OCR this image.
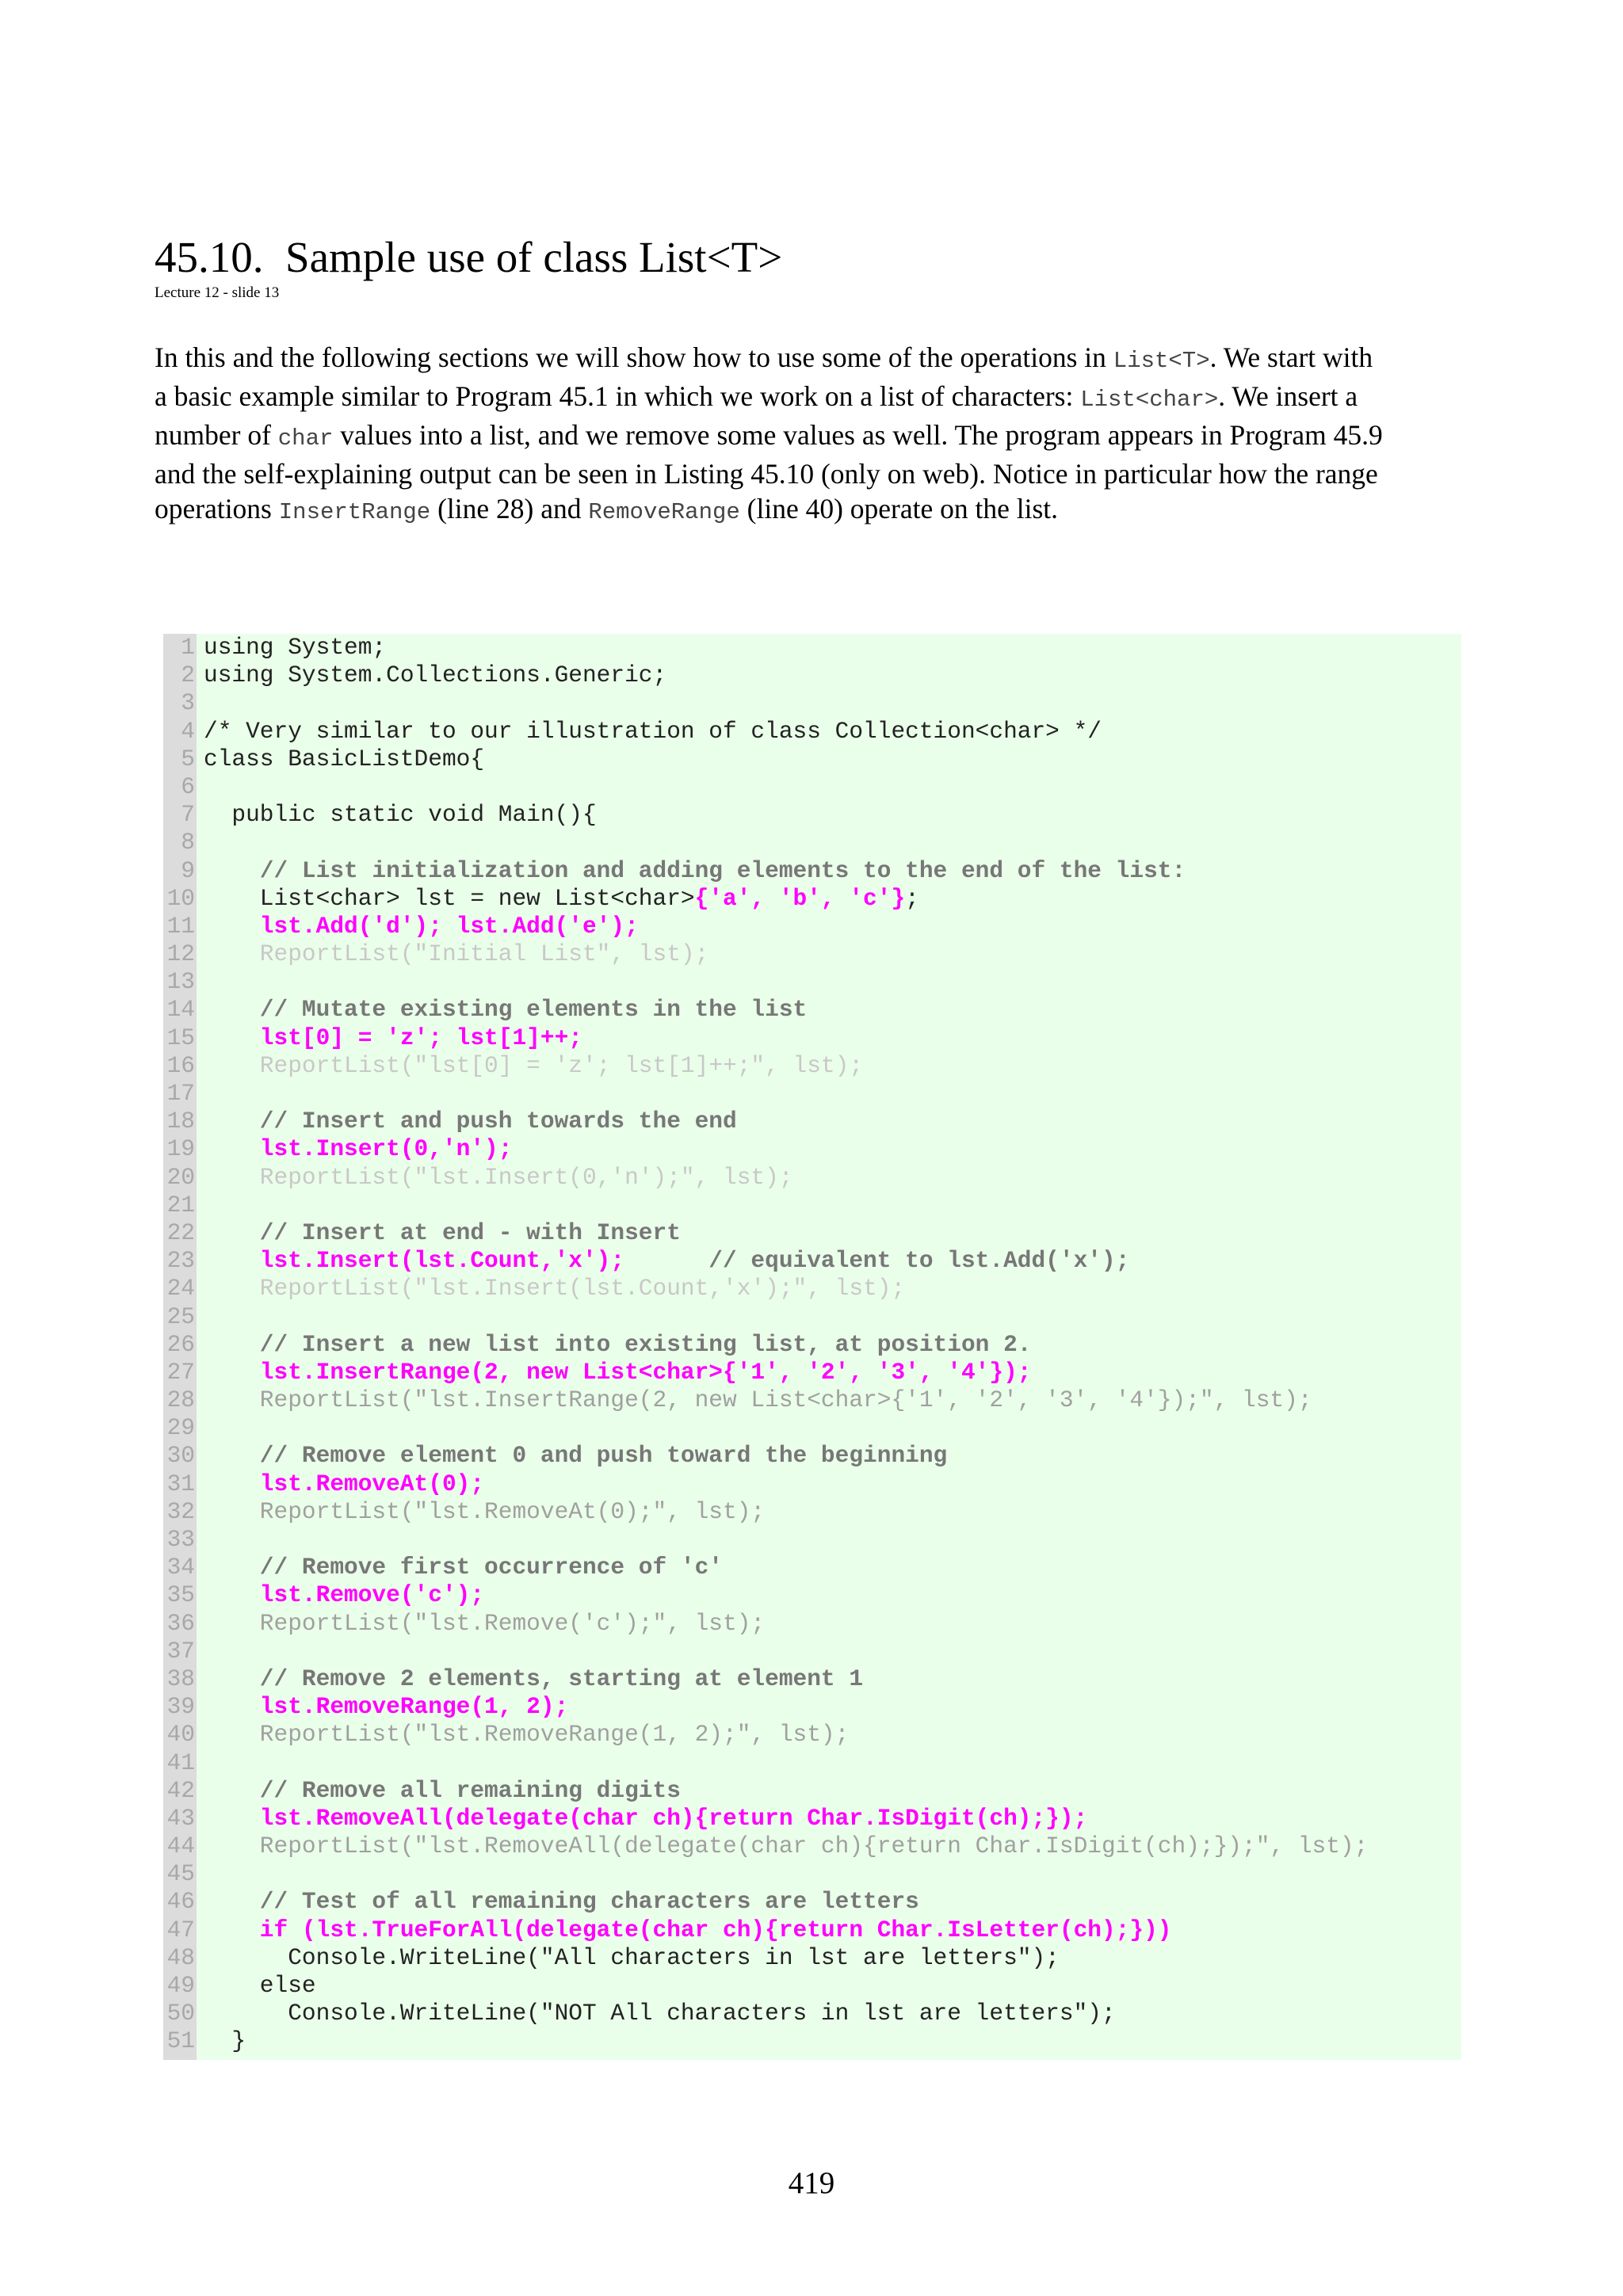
45.10. Sample use of class List<T>
Lecture 12 - slide 13
In this and the following sections we will show how to use some of the operations in List<T>. We start with
a basic example similar to Program 45.1 in which we work on a list of characters: List<char>. We insert a
number of char values into a list, and we remove some values as well. The program appears in Program 45.9
and the self-explaining output can be seen in Listing 45.10 (only on web). Notice in particular how the range
operations InsertRange (line 28) and RemoveRange (line 40) operate on the list.
1 using System;
2 using System.Collections.Generic;
3
4 /* Very similar to our illustration of class Collection<char> */
5 class BasicListDemo{
6
7 public static void Main(){
8
9 // List initialization and adding elements to the end of the list:
10 List<char> lst = new List<char>{'a', 'b', 'c'};
11 lst.Add('d'); lst.Add('e');
12 ReportList("Initial List", lst);
13
14 // Mutate existing elements in the list
15 lst[0] = 'z'; lst[1]++;
16 ReportList("lst[0] = 'z'; lst[1]++;", lst);
17
18 // Insert and push towards the end
19 lst.Insert(0,'n');
20 ReportList("lst.Insert(0,'n');", lst);
21
22 // Insert at end - with Insert
23 lst.Insert(lst.Count,'x');      // equivalent to lst.Add('x');
24 ReportList("lst.Insert(lst.Count,'x');", lst);
25
26 // Insert a new list into existing list, at position 2.
27 lst.InsertRange(2, new List<char>{'1', '2', '3', '4'});
28 ReportList("lst.InsertRange(2, new List<char>{'1', '2', '3', '4'});", lst);
29
30 // Remove element 0 and push toward the beginning
31 lst.RemoveAt(0);
32 ReportList("lst.RemoveAt(0);", lst);
33
34 // Remove first occurrence of 'c'
35 lst.Remove('c');
36 ReportList("lst.Remove('c');", lst);
37
38 // Remove 2 elements, starting at element 1
39 lst.RemoveRange(1, 2);
40 ReportList("lst.RemoveRange(1, 2);", lst);
41
42 // Remove all remaining digits
43 lst.RemoveAll(delegate(char ch){return Char.IsDigit(ch);});
44 ReportList("lst.RemoveAll(delegate(char ch){return Char.IsDigit(ch);});", lst);
45
46 // Test of all remaining characters are letters
47 if (lst.TrueForAll(delegate(char ch){return Char.IsLetter(ch);}))
48 Console.WriteLine("All characters in lst are letters");
49 else
50 Console.WriteLine("NOT All characters in lst are letters");
51 }
419
